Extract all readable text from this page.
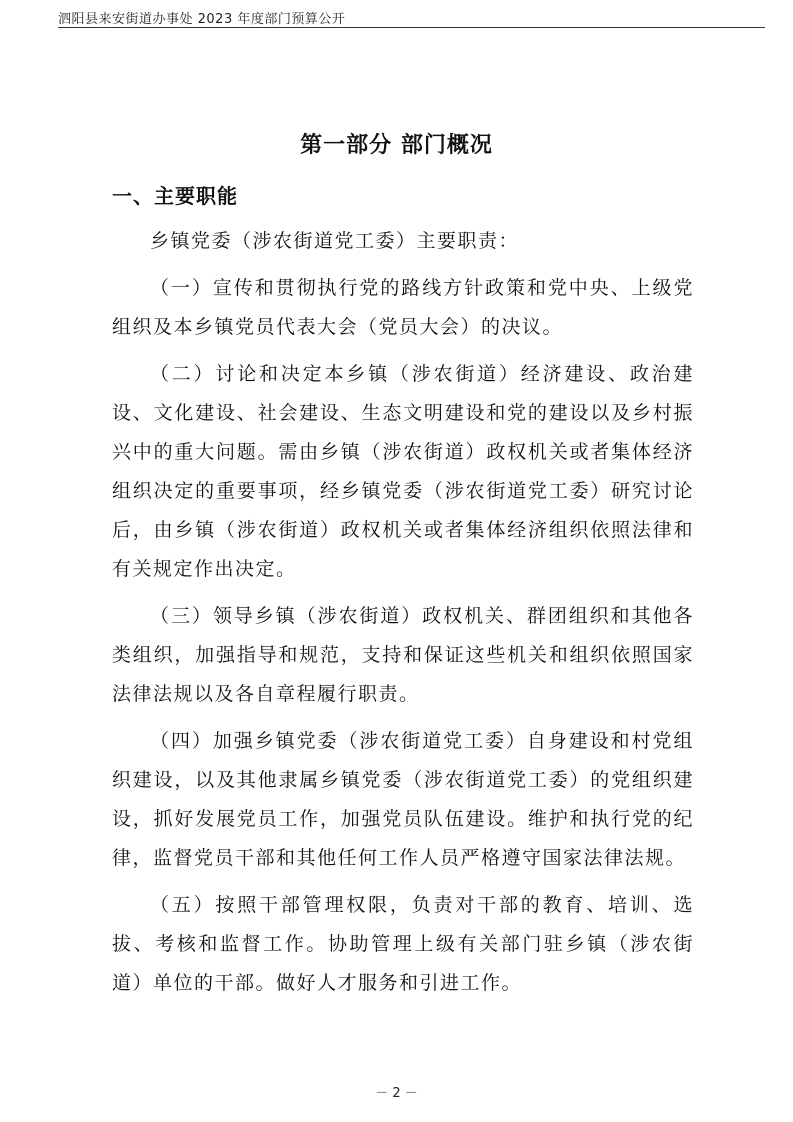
泗阳县来安街道办事处 2023 年度部门预算公开
第一部分 部门概况
一、主要职能

乡镇党委（涉农街道党工委）主要职责：

（一）宣传和贯彻执行党的路线方针政策和党中央、上级党组织及本乡镇党员代表大会（党员大会）的决议。

（二）讨论和决定本乡镇（涉农街道）经济建设、政治建设、文化建设、社会建设、生态文明建设和党的建设以及乡村振兴中的重大问题。需由乡镇（涉农街道）政权机关或者集体经济组织决定的重要事项，经乡镇党委（涉农街道党工委）研究讨论后，由乡镇（涉农街道）政权机关或者集体经济组织依照法律和有关规定作出决定。

（三）领导乡镇（涉农街道）政权机关、群团组织和其他各类组织，加强指导和规范，支持和保证这些机关和组织依照国家法律法规以及各自章程履行职责。

（四）加强乡镇党委（涉农街道党工委）自身建设和村党组织建设，以及其他隶属乡镇党委（涉农街道党工委）的党组织建设，抓好发展党员工作，加强党员队伍建设。维护和执行党的纪律，监督党员干部和其他任何工作人员严格遵守国家法律法规。

（五）按照干部管理权限，负责对干部的教育、培训、选拔、考核和监督工作。协助管理上级有关部门驻乡镇（涉农街道）单位的干部。做好人才服务和引进工作。

－ 2 －
